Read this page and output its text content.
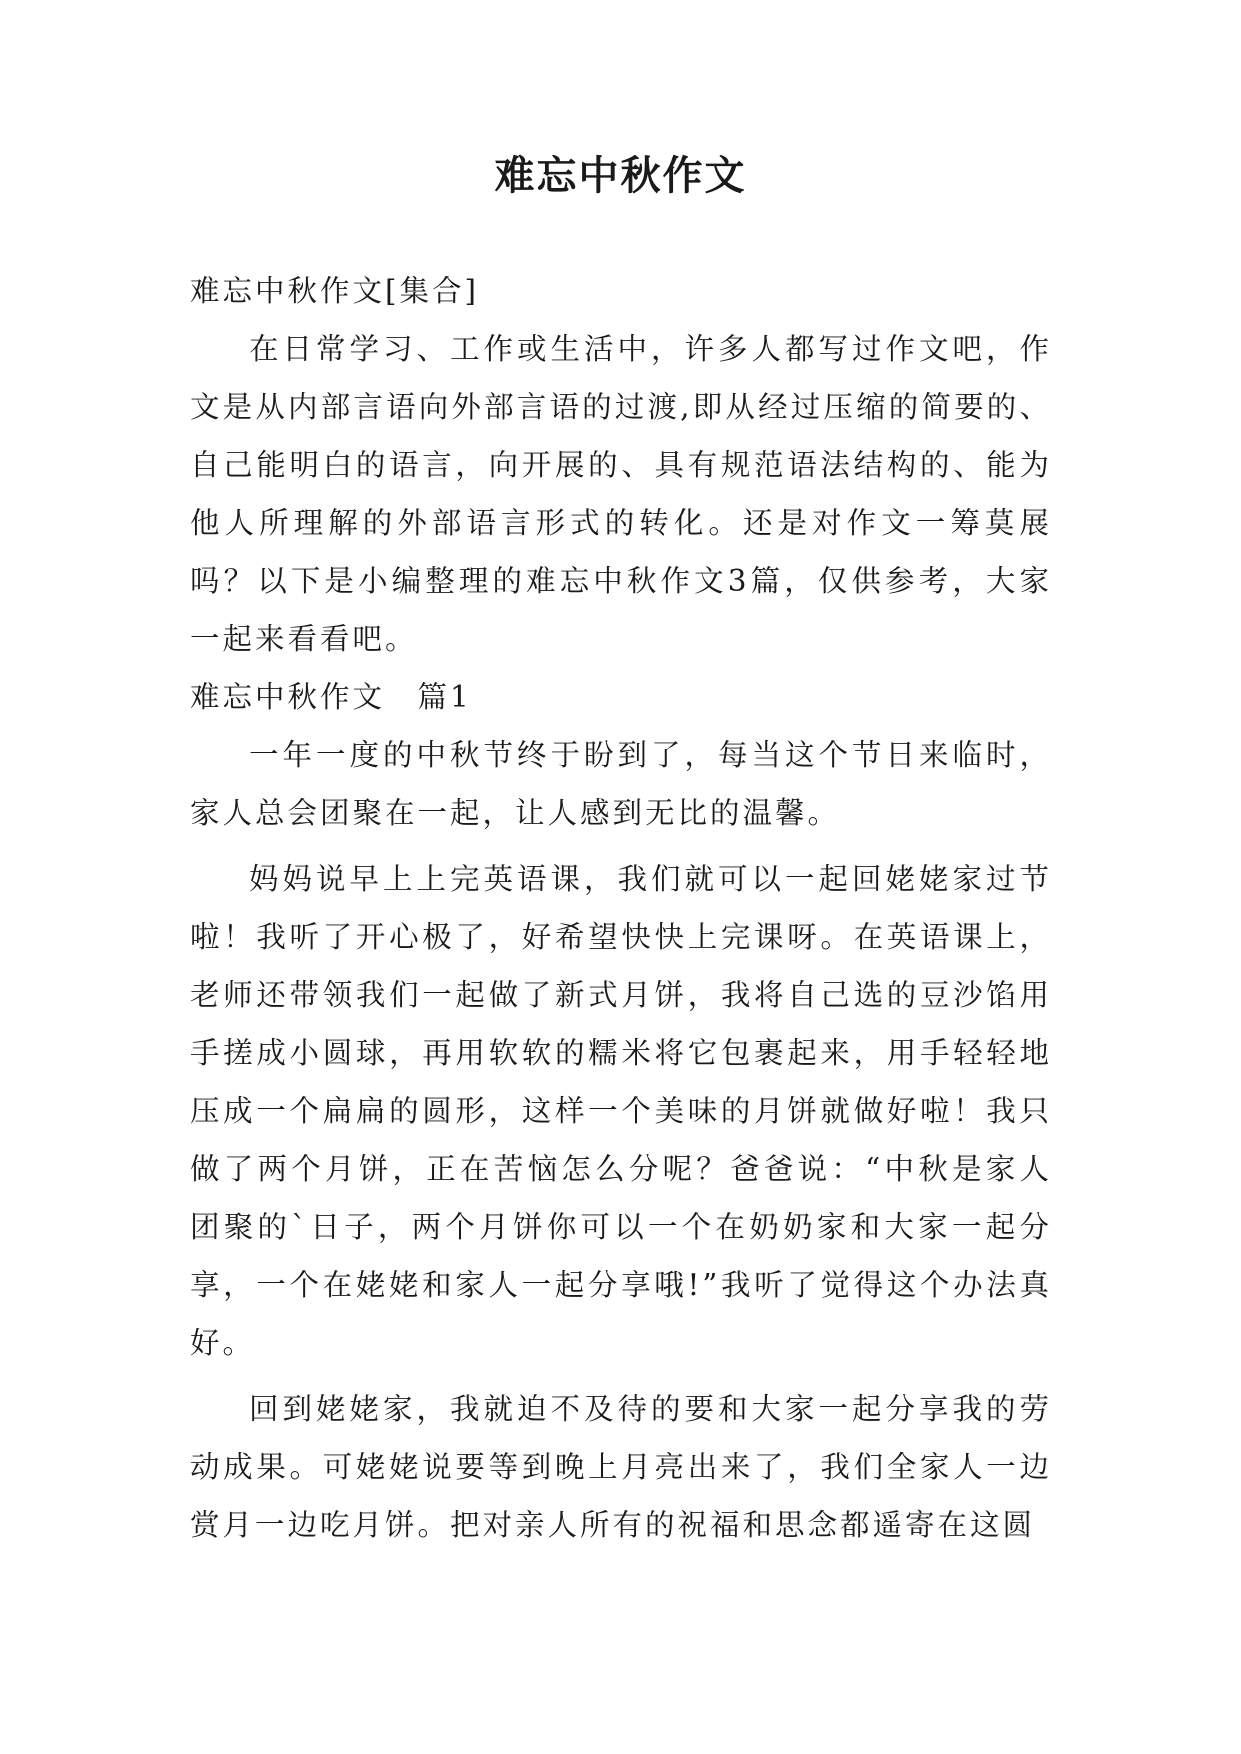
难忘中秋作文

难忘中秋作文[集合]

在日常学习、工作或生活中，许多人都写过作文吧，作文是从内部言语向外部言语的过渡,即从经过压缩的简要的、自己能明白的语言，向开展的、具有规范语法结构的、能为他人所理解的外部语言形式的转化。还是对作文一筹莫展吗？以下是小编整理的难忘中秋作文3篇，仅供参考，大家一起来看看吧。

难忘中秋作文　篇1

一年一度的中秋节终于盼到了，每当这个节日来临时，家人总会团聚在一起，让人感到无比的温馨。

妈妈说早上上完英语课，我们就可以一起回姥姥家过节啦！我听了开心极了，好希望快快上完课呀。在英语课上，老师还带领我们一起做了新式月饼，我将自己选的豆沙馅用手搓成小圆球，再用软软的糯米将它包裹起来，用手轻轻地压成一个扁扁的圆形，这样一个美味的月饼就做好啦！我只做了两个月饼，正在苦恼怎么分呢？爸爸说：“中秋是家人团聚的`日子，两个月饼你可以一个在奶奶家和大家一起分享，一个在姥姥和家人一起分享哦!”我听了觉得这个办法真好。

回到姥姥家，我就迫不及待的要和大家一起分享我的劳动成果。可姥姥说要等到晚上月亮出来了，我们全家人一边赏月一边吃月饼。把对亲人所有的祝福和思念都遥寄在这圆
